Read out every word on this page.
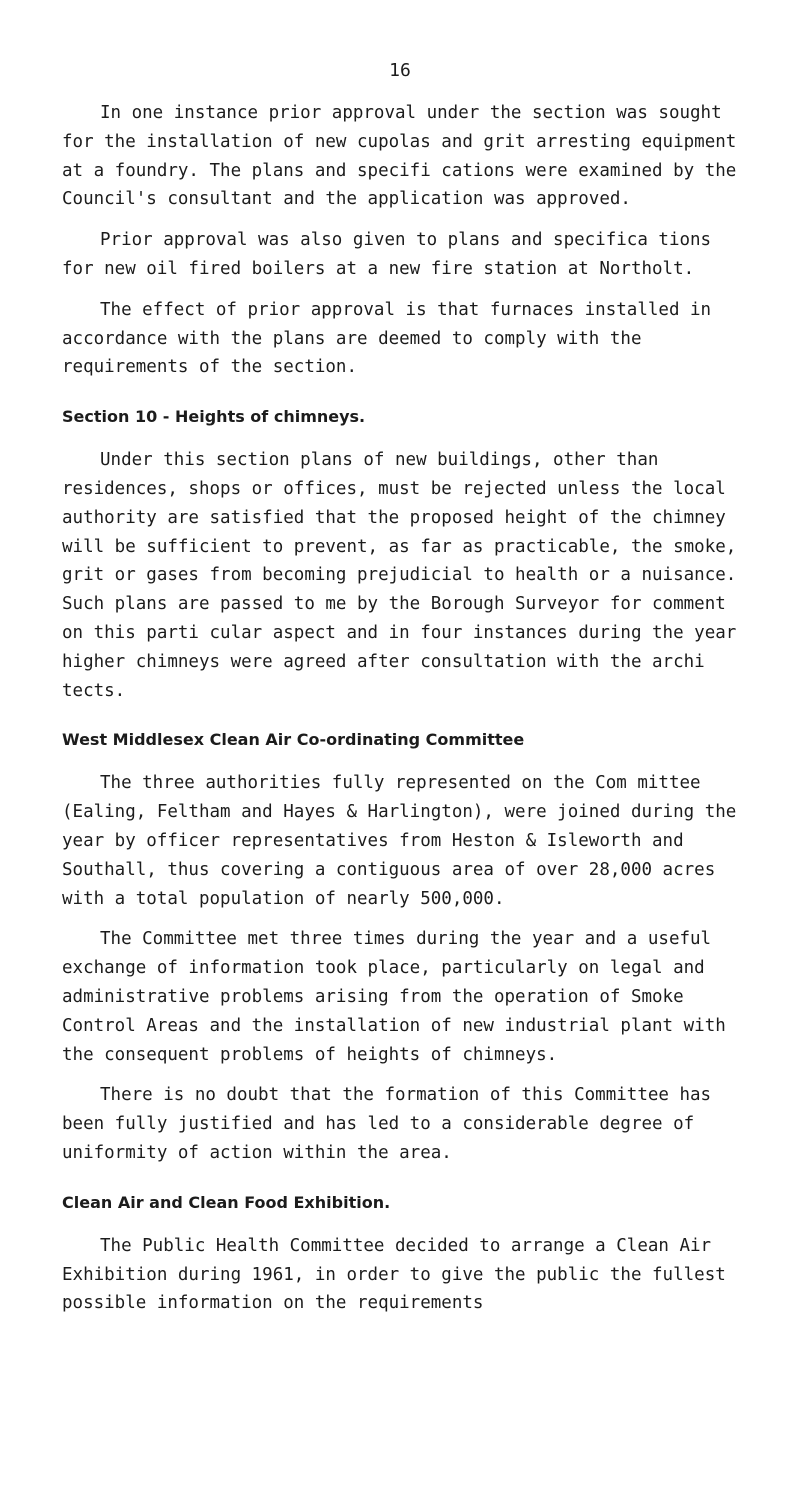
16

In one instance prior approval under the section was sought for the installation of new cupolas and grit arresting equipment at a foundry. The plans and specifi cations were examined by the Council's consultant and the application was approved.

Prior approval was also given to plans and specifica tions for new oil fired boilers at a new fire station at Northolt.

The effect of prior approval is that furnaces installed in accordance with the plans are deemed to comply with the requirements of the section.

Section 10 - Heights of chimneys.

Under this section plans of new buildings, other than residences, shops or offices, must be rejected unless the local authority are satisfied that the proposed height of the chimney will be sufficient to prevent, as far as practicable, the smoke, grit or gases from becoming prejudicial to health or a nuisance. Such plans are passed to me by the Borough Surveyor for comment on this parti cular aspect and in four instances during the year higher chimneys were agreed after consultation with the archi tects.

West Middlesex Clean Air Co-ordinating Committee

The three authorities fully represented on the Com mittee (Ealing, Feltham and Hayes & Harlington), were joined during the year by officer representatives from Heston & Isleworth and Southall, thus covering a contiguous area of over 28,000 acres with a total population of nearly 500,000.

The Committee met three times during the year and a useful exchange of information took place, particularly on legal and administrative problems arising from the operation of Smoke Control Areas and the installation of new industrial plant with the consequent problems of heights of chimneys.

There is no doubt that the formation of this Committee has been fully justified and has led to a considerable degree of uniformity of action within the area.

Clean Air and Clean Food Exhibition.

The Public Health Committee decided to arrange a Clean Air Exhibition during 1961, in order to give the public the fullest possible information on the requirements
